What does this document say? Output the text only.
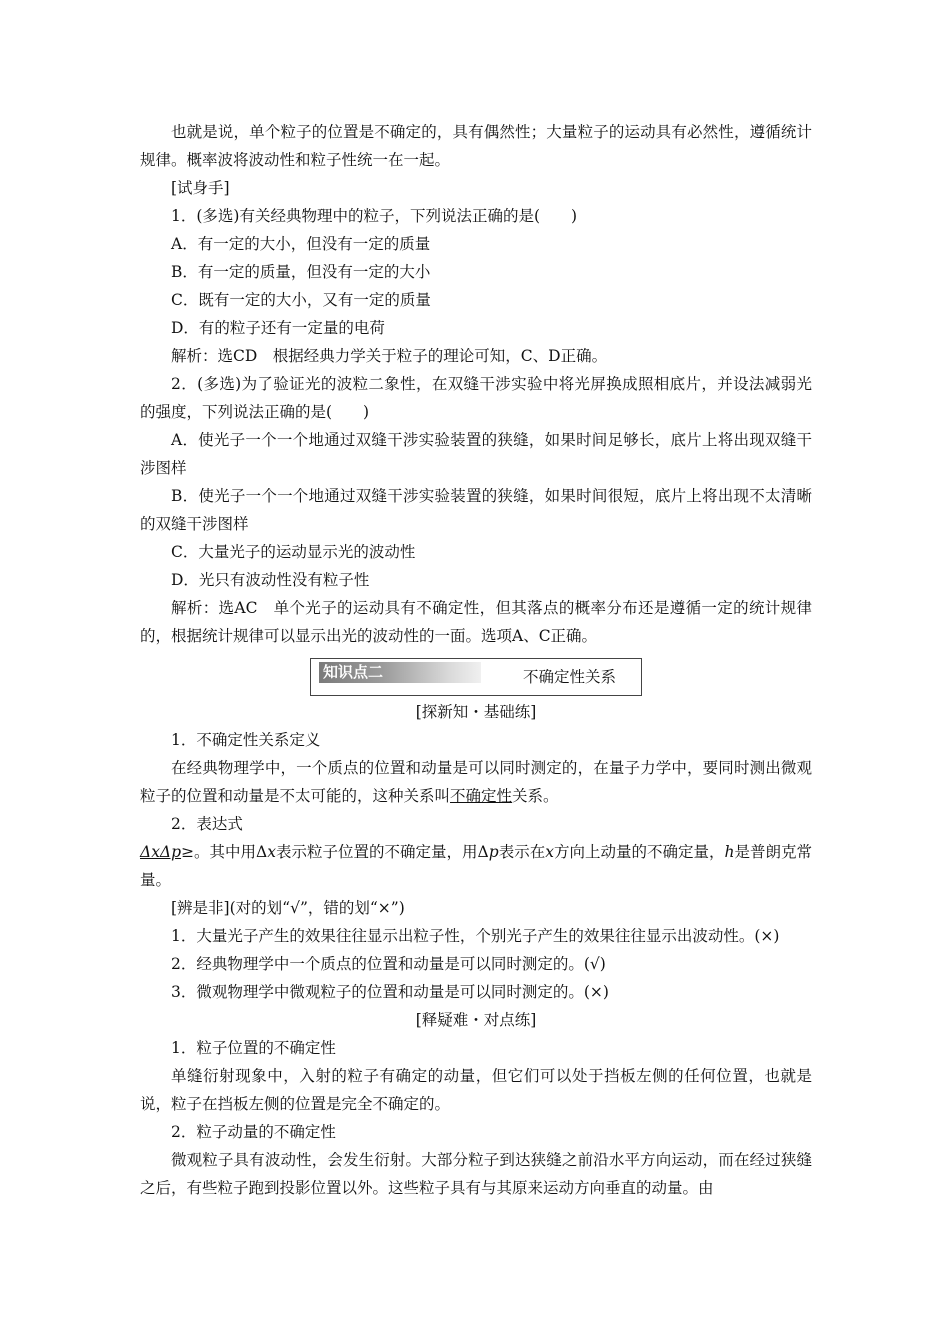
也就是说，单个粒子的位置是不确定的，具有偶然性；大量粒子的运动具有必然性，遵循统计规律。概率波将波动性和粒子性统一在一起。

[试身手]

1．(多选)有关经典物理中的粒子，下列说法正确的是(　　)

A．有一定的大小，但没有一定的质量

B．有一定的质量，但没有一定的大小

C．既有一定的大小，又有一定的质量

D．有的粒子还有一定量的电荷

解析：选CD　根据经典力学关于粒子的理论可知，C、D正确。

2．(多选)为了验证光的波粒二象性，在双缝干涉实验中将光屏换成照相底片，并设法减弱光的强度，下列说法正确的是(　　)

A．使光子一个一个地通过双缝干涉实验装置的狭缝，如果时间足够长，底片上将出现双缝干涉图样

B．使光子一个一个地通过双缝干涉实验装置的狭缝，如果时间很短，底片上将出现不太清晰的双缝干涉图样

C．大量光子的运动显示光的波动性

D．光只有波动性没有粒子性

解析：选AC　单个光子的运动具有不确定性，但其落点的概率分布还是遵循一定的统计规律的，根据统计规律可以显示出光的波动性的一面。选项A、C正确。

知识点二	不确定性关系

[探新知・基础练]

1．不确定性关系定义

在经典物理学中，一个质点的位置和动量是可以同时测定的，在量子力学中，要同时测出微观粒子的位置和动量是不太可能的，这种关系叫不确定性关系。

2．表达式

ΔxΔp≥。其中用Δx表示粒子位置的不确定量，用Δp表示在x方向上动量的不确定量，h是普朗克常量。

[辨是非](对的划“√”，错的划“×”)

1．大量光子产生的效果往往显示出粒子性，个别光子产生的效果往往显示出波动性。(×)

2．经典物理学中一个质点的位置和动量是可以同时测定的。(√)

3．微观物理学中微观粒子的位置和动量是可以同时测定的。(×)

[释疑难・对点练]

1．粒子位置的不确定性

单缝衍射现象中，入射的粒子有确定的动量，但它们可以处于挡板左侧的任何位置，也就是说，粒子在挡板左侧的位置是完全不确定的。

2．粒子动量的不确定性

微观粒子具有波动性，会发生衍射。大部分粒子到达狭缝之前沿水平方向运动，而在经过狭缝之后，有些粒子跑到投影位置以外。这些粒子具有与其原来运动方向垂直的动量。由
